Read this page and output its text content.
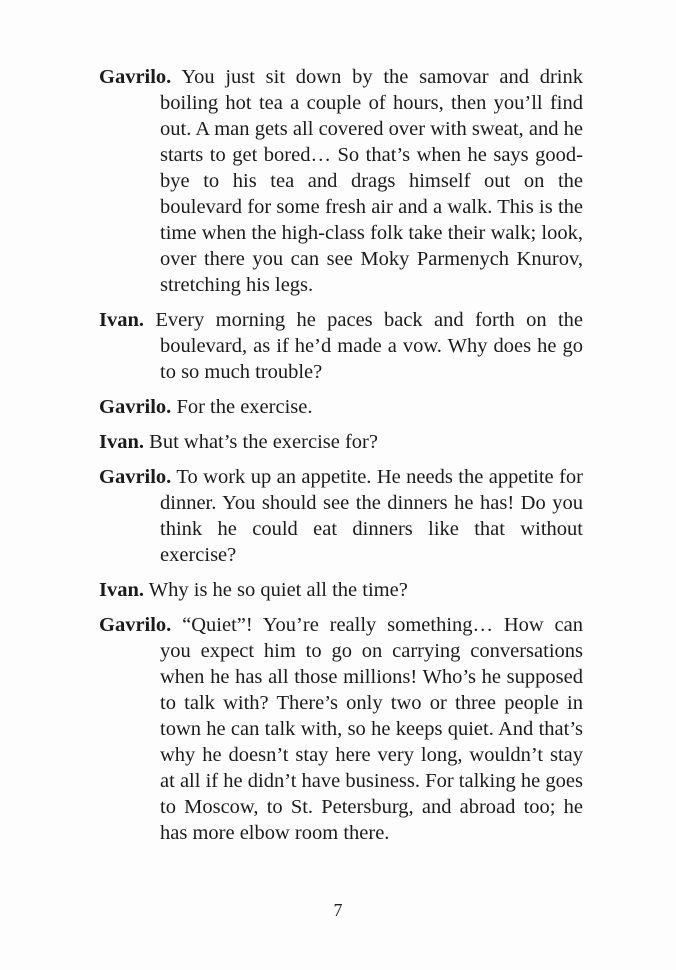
Gavrilo. You just sit down by the samovar and drink boiling hot tea a couple of hours, then you’ll find out. A man gets all covered over with sweat, and he starts to get bored… So that’s when he says good-bye to his tea and drags himself out on the boulevard for some fresh air and a walk. This is the time when the high-class folk take their walk; look, over there you can see Moky Parmenych Knurov, stretching his legs.

Ivan. Every morning he paces back and forth on the boulevard, as if he’d made a vow. Why does he go to so much trouble?

Gavrilo. For the exercise.

Ivan. But what’s the exercise for?

Gavrilo. To work up an appetite. He needs the appetite for dinner. You should see the dinners he has! Do you think he could eat dinners like that without exercise?

Ivan. Why is he so quiet all the time?

Gavrilo. “Quiet”! You’re really something… How can you expect him to go on carrying conversations when he has all those millions! Who’s he supposed to talk with? There’s only two or three people in town he can talk with, so he keeps quiet. And that’s why he doesn’t stay here very long, wouldn’t stay at all if he didn’t have business. For talking he goes to Moscow, to St. Petersburg, and abroad too; he has more elbow room there.

7
